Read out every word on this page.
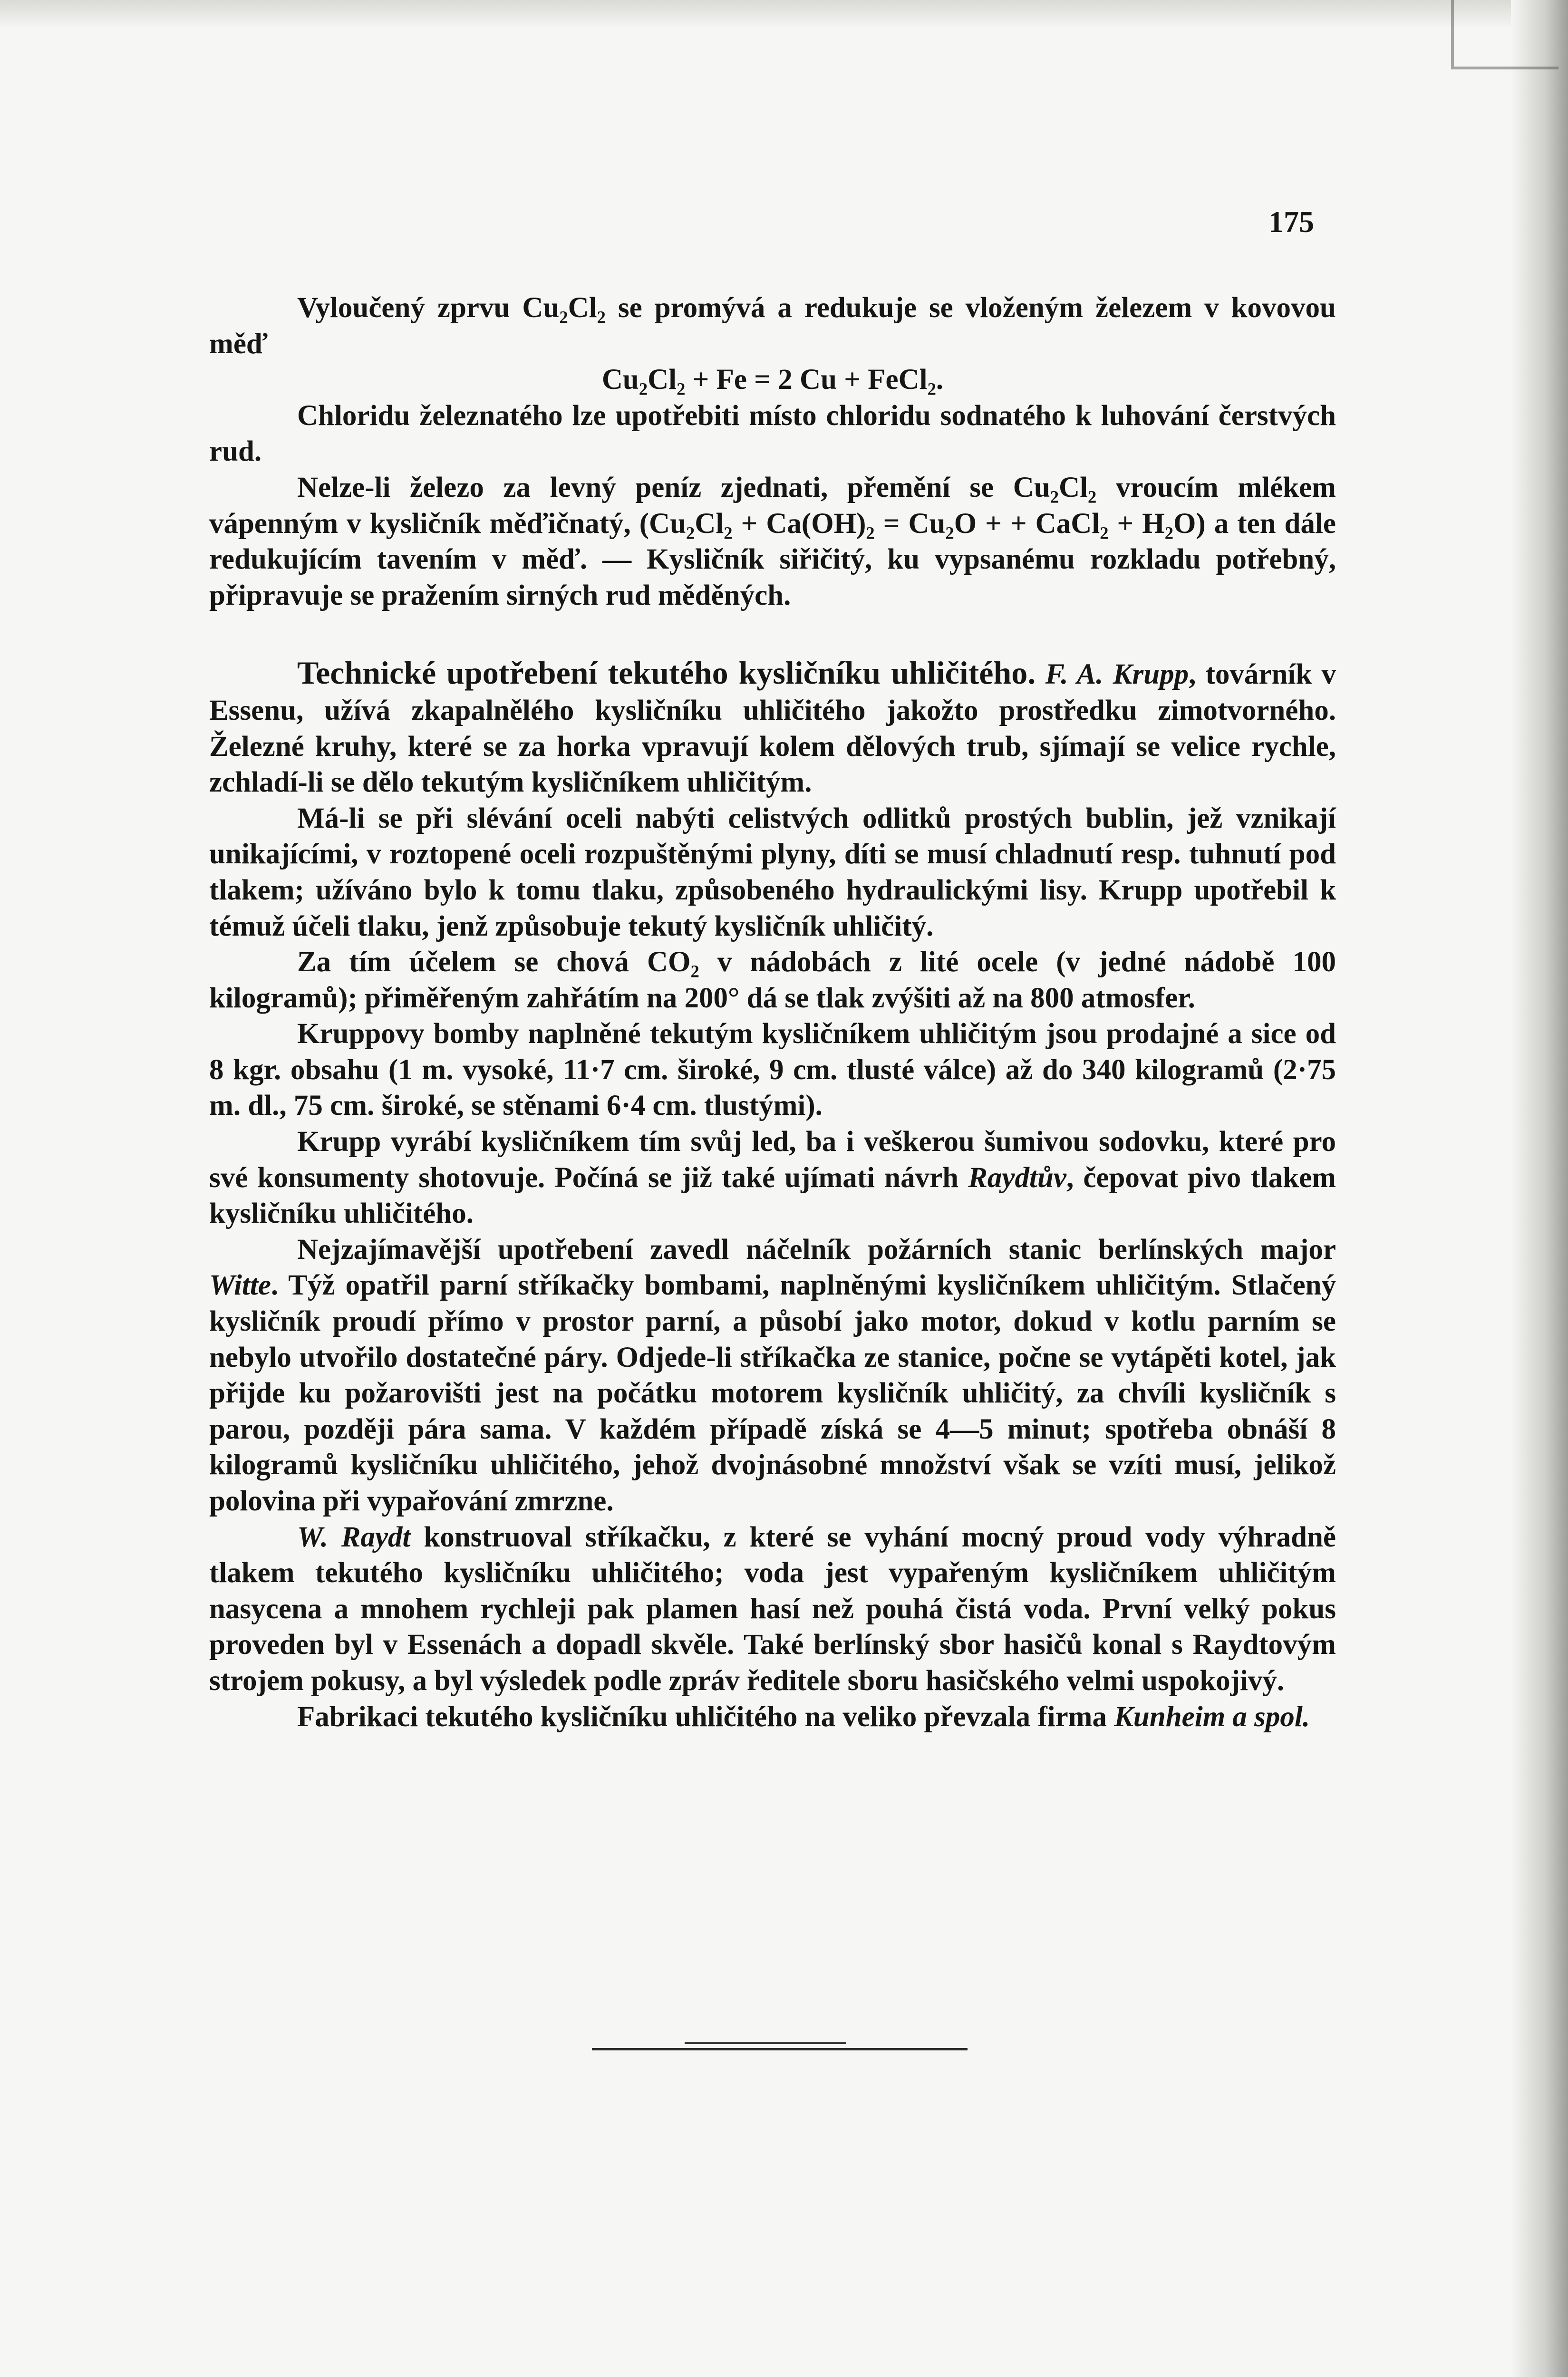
175

Vyloučený zprvu Cu₂Cl₂ se promývá a redukuje se vloženým železem v kovovou měď

Cu₂Cl₂ + Fe = 2 Cu + FeCl₂.

Chloridu železnatého lze upotřebiti místo chloridu sodnatého k luhování čerstvých rud.

Nelze-li železo za levný peníz zjednati, přemění se Cu₂Cl₂ vroucím mlékem vápenným v kysličník měďičnatý, (Cu₂Cl₂ + Ca(OH)₂ = Cu₂O + + CaCl₂ + H₂O) a ten dále redukujícím tavením v měď. — Kysličník siřičitý, ku vypsanému rozkladu potřebný, připravuje se pražením sirných rud měděných.

Technické upotřebení tekutého kysličníku uhličitého. F. A. Krupp, továrník v Essenu, užívá zkapalnělého kysličníku uhličitého jakožto prostředku zimotvorného. Železné kruhy, které se za horka vpravují kolem dělových trub, sjímají se velice rychle, zchladí-li se dělo tekutým kysličníkem uhličitým.

Má-li se při slévání oceli nabýti celistvých odlitků prostých bublin, jež vznikají unikajícími, v roztopené oceli rozpuštěnými plyny, díti se musí chladnutí resp. tuhnutí pod tlakem; užíváno bylo k tomu tlaku, způsobeného hydraulickými lisy. Krupp upotřebil k témuž účeli tlaku, jenž způsobuje tekutý kysličník uhličitý.

Za tím účelem se chová CO₂ v nádobách z lité ocele (v jedné nádobě 100 kilogramů); přiměřeným zahřátím na 200° dá se tlak zvýšiti až na 800 atmosfer.

Kruppovy bomby naplněné tekutým kysličníkem uhličitým jsou prodajné a sice od 8 kgr. obsahu (1 m. vysoké, 11·7 cm. široké, 9 cm. tlusté válce) až do 340 kilogramů (2·75 m. dl., 75 cm. široké, se stěnami 6·4 cm. tlustými).

Krupp vyrábí kysličníkem tím svůj led, ba i veškerou šumivou sodovku, které pro své konsumenty shotovuje. Počíná se již také ujímati návrh Raydtův, čepovat pivo tlakem kysličníku uhličitého.

Nejzajímavější upotřebení zavedl náčelník požárních stanic berlínských major Witte. Týž opatřil parní stříkačky bombami, naplněnými kysličníkem uhličitým. Stlačený kysličník proudí přímo v prostor parní, a působí jako motor, dokud v kotlu parním se nebylo utvořilo dostatečné páry. Odjede-li stříkačka ze stanice, počne se vytápěti kotel, jak přijde ku požarovišti jest na počátku motorem kysličník uhličitý, za chvíli kysličník s parou, později pára sama. V každém případě získá se 4—5 minut; spotřeba obnáší 8 kilogramů kysličníku uhličitého, jehož dvojnásobné množství však se vzíti musí, jelikož polovina při vypařování zmrzne.

W. Raydt konstruoval stříkačku, z které se vyhání mocný proud vody výhradně tlakem tekutého kysličníku uhličitého; voda jest vypařeným kysličníkem uhličitým nasycena a mnohem rychleji pak plamen hasí než pouhá čistá voda. První velký pokus proveden byl v Essenách a dopadl skvěle. Také berlínský sbor hasičů konal s Raydtovým strojem pokusy, a byl výsledek podle zpráv ředitele sboru hasičského velmi uspokojivý.

Fabrikaci tekutého kysličníku uhličitého na veliko převzala firma Kunheim a spol.
